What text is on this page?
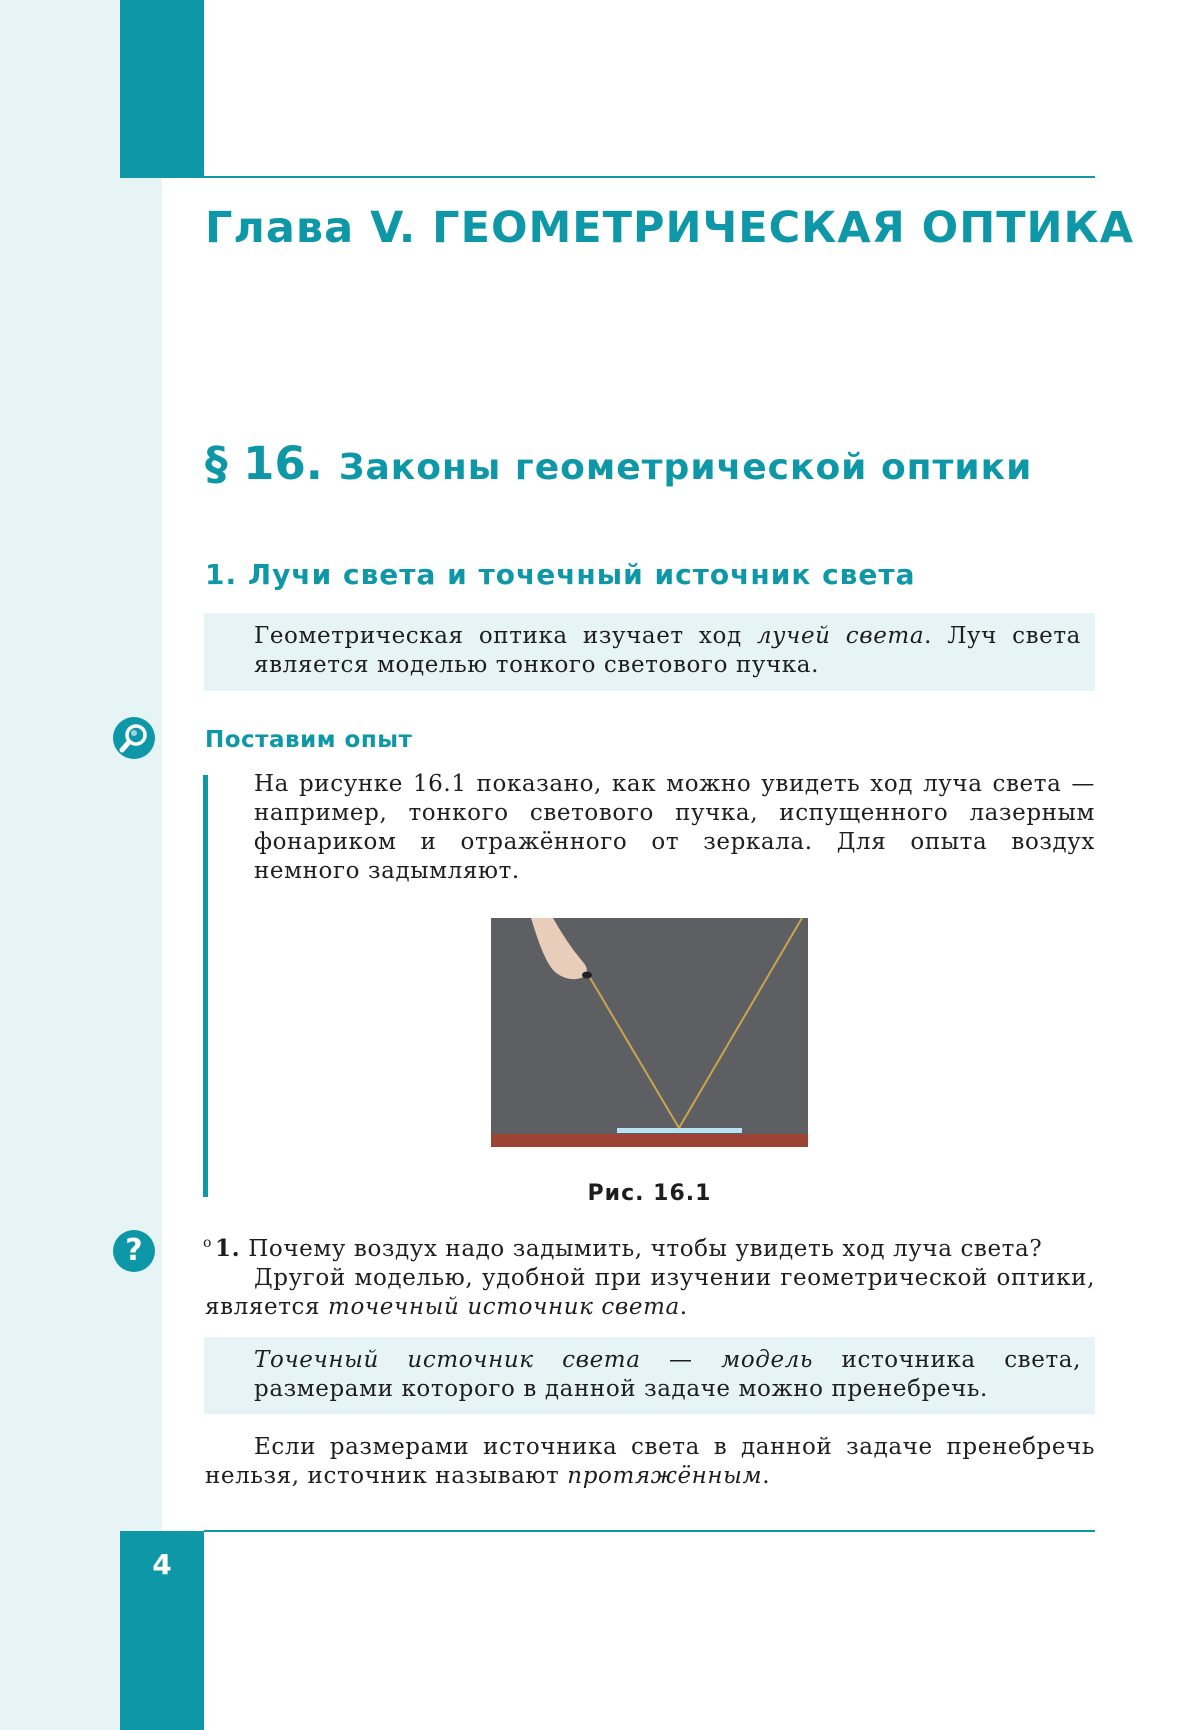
Глава V. ГЕОМЕТРИЧЕСКАЯ ОПТИКА
§ 16. Законы геометрической оптики
1. Лучи света и точечный источник света
Геометрическая оптика изучает ход лучей света. Луч света является моделью тонкого светового пучка.
Поставим опыт

На рисунке 16.1 показано, как можно увидеть ход луча света — например, тонкого светового пучка, испущенного лазерным фонариком и отражённого от зеркала. Для опыта воздух немного задымляют.

Рис. 16.1
?	$^o$ 1. Почему воздух надо задымить, чтобы увидеть ход луча света?

Другой моделью, удобной при изучении геометрической оптики, является точечный источник света.

Точечный источник света — модель источника света, размерами которого в данной задаче можно пренебречь.

Если размерами источника света в данной задаче пренебречь нельзя, источник называют протяжённым.

4
